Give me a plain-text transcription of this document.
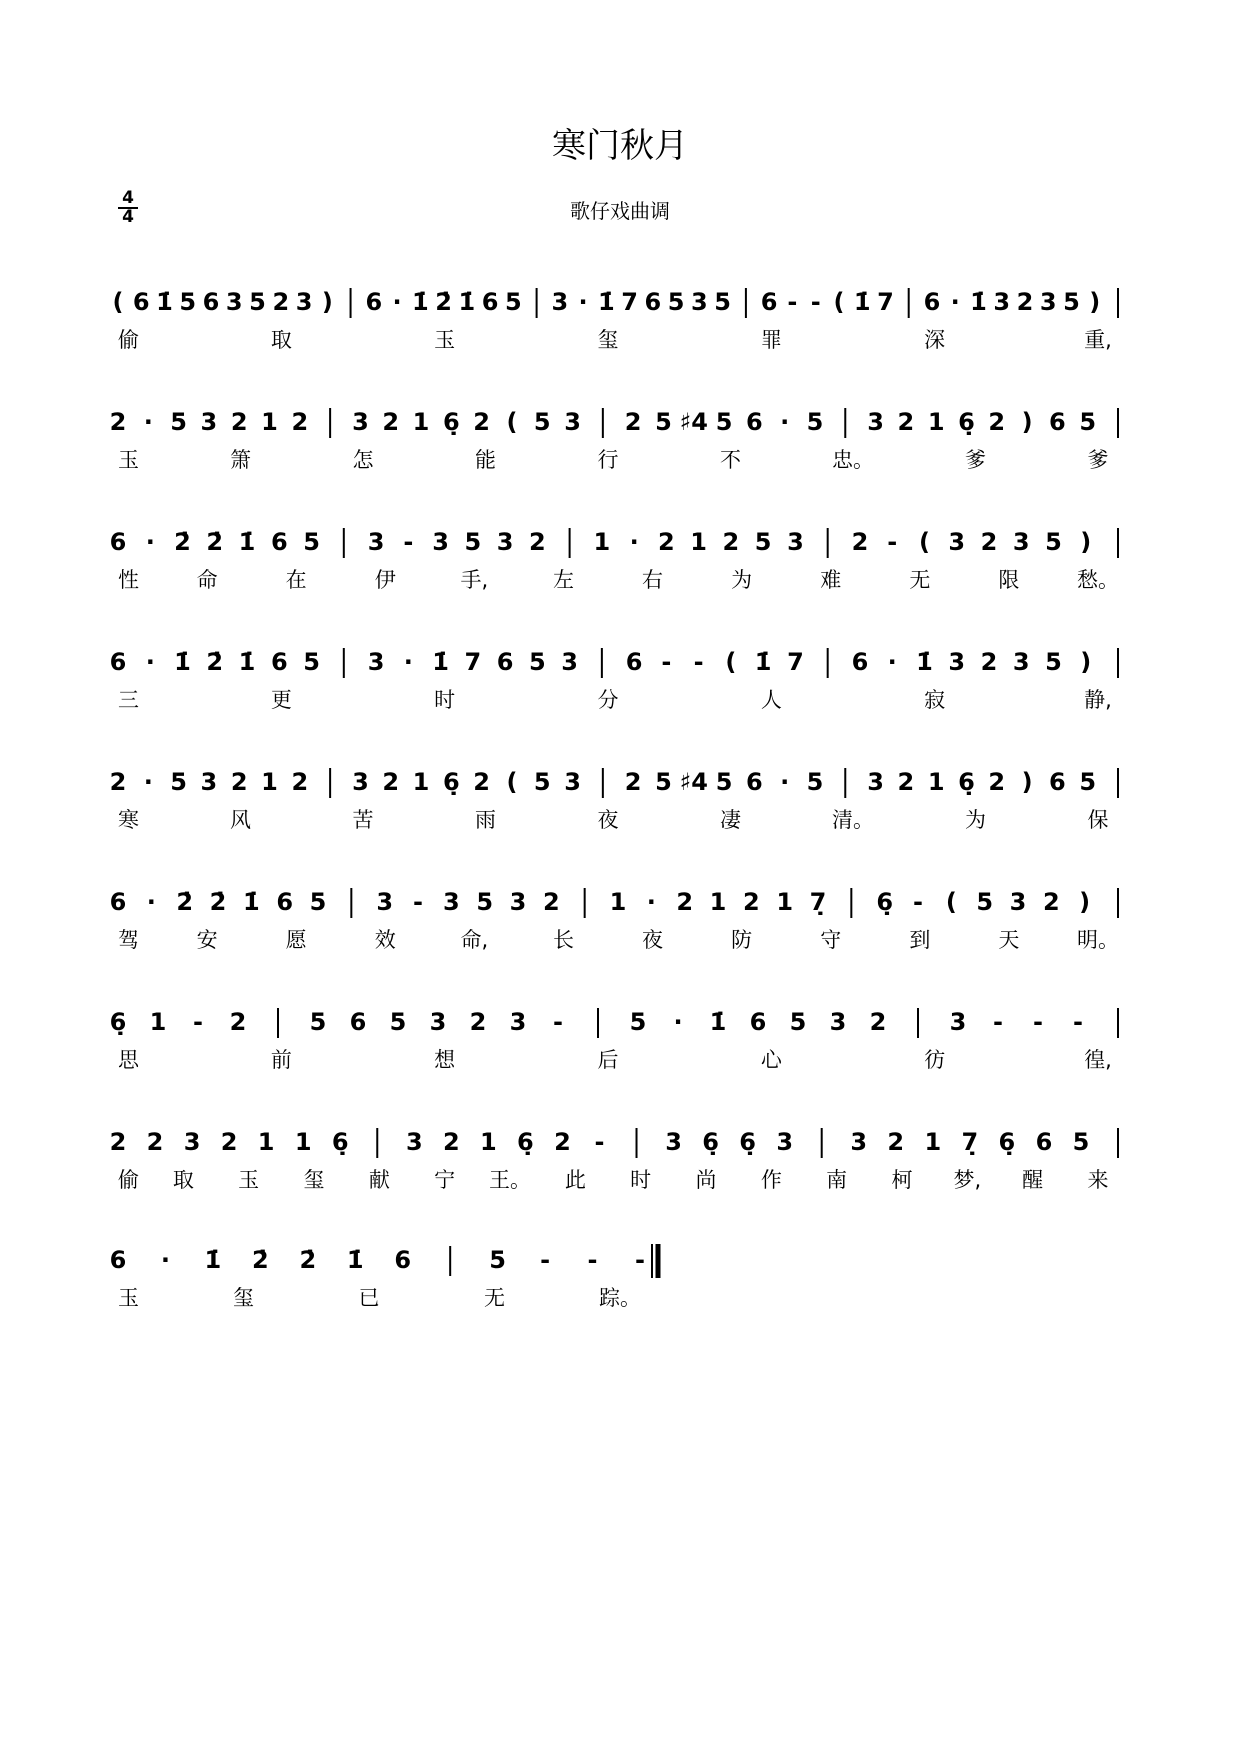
寒门秋月
$\frac{4}{4}$	歌仔戏曲调
( 6 1̇ 5 6 3 5 2 3 ) 6 · 1̇ 2̇ 1̇ 6 5 3 · 1̇ 7 6 5 3 5 6 - - ( 1̇ 7 6 · 1̇ 3 2 3 5 )
偷	取	玉	玺	罪	深	重,
2 · 5 3 2 1 2 3 2 1 6̣ 2 ( 5 3 2 5 ♯4 5 6 · 5 3 2 1 6̣ 2 ) 6 5
玉	箫	怎	能	行	不	忠。	爹	爹
6 · 2̇ 2̇ 1̇ 6 5 3 - 3 5 3 2 1 · 2 1 2 5 3 2 - ( 3 2 3 5 )
性	命	在	伊	手,	左	右	为	难	无	限	愁。
6 · 1̇ 2̇ 1̇ 6 5 3 · 1̇ 7 6 5 3 6 - - ( 1̇ 7 6 · 1̇ 3 2 3 5 )
三	更	时	分	人	寂	静,
2 · 5 3 2 1 2 3 2 1 6̣ 2 ( 5 3 2 5 ♯4 5 6 · 5 3 2 1 6̣ 2 ) 6 5
寒	风	苦	雨	夜	凄	清。	为	保
6 · 2̇ 2̇ 1̇ 6 5 3 - 3 5 3 2 1 · 2 1 2 1 7̣ 6̣ - ( 5 3 2 )
驾	安	愿	效	命,	长	夜	防	守	到	天	明。
6̣ 1 - 2	5 6 5 3 2 3 -	5 · 1̇ 6 5 3 2	3 - - -
思	前	想	后	心	彷	徨,
2 2 3 2 1 1 6̣ 3 2 1 6̣ 2 -	3 6̣ 6̣ 3 3 2 1 7̣ 6̣ 6 5
偷 取 玉 玺 献 宁 王。 此 时 尚 作 南 柯 梦, 醒 来
6 · 1̇ 2̇ 2̇ 1̇ 6	5 - - -
玉	玺	已	无	踪。
